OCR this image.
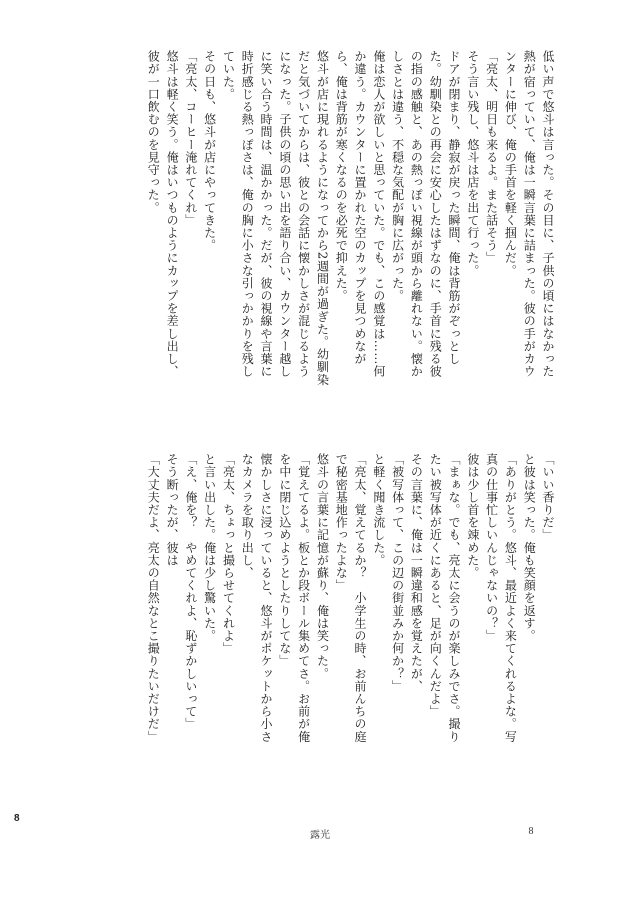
低い声で悠斗は言った。その目に、子供の頃にはなかった熱が宿っていて、俺は一瞬言葉に詰まった。彼の手がカウンターに伸び、俺の手首を軽く掴んだ。

「亮太、明日も来るよ。また話そう」

そう言い残し、悠斗は店を出て行った。

ドアが閉まり、静寂が戻った瞬間、俺は背筋がぞっとした。幼馴染との再会に安心したはずなのに、手首に残る彼の指の感触と、あの熱っぽい視線が頭から離れない。懐かしさとは違う、不穏な気配が胸に広がった。

俺は恋人が欲しいと思っていた。でも、この感覚は……何か違う。カウンターに置かれた空のカップを見つめながら、俺は背筋が寒くなるのを必死で抑えた。

悠斗が店に現れるようになってから2週間が過ぎた。幼馴染だと気づいてからは、彼との会話に懐かしさが混じるようになった。子供の頃の思い出を語り合い、カウンター越しに笑い合う時間は、温かかった。だが、彼の視線や言葉に時折感じる熱っぽさは、俺の胸に小さな引っかかりを残していた。

その日も、悠斗が店にやってきた。

「亮太、コーヒー淹れてくれ」

悠斗は軽く笑う。俺はいつものようにカップを差し出し、彼が一口飲むのを見守った。

「いい香りだ」

と彼は笑った。俺も笑顔を返す。

「ありがとう。悠斗、最近よく来てくれるよな。写真の仕事忙しいんじゃないの？」

彼は少し首を竦めた。

「まぁな。でも、亮太に会うのが楽しみでさ。撮りたい被写体が近くにあると、足が向くんだよ」

その言葉に、俺は一瞬違和感を覚えたが、

「被写体って、この辺の街並みか何か？」

と軽く聞き流した。

「亮太、覚えてるか？　小学生の時、お前んちの庭で秘密基地作ったよな」

悠斗の言葉に記憶が蘇り、俺は笑った。

「覚えてるよ。板とか段ボール集めてさ。お前が俺を中に閉じ込めようとしたりしてな」

懐かしさに浸っていると、悠斗がポケットから小さなカメラを取り出し、

「亮太、ちょっと撮らせてくれよ」

と言い出した。俺は少し驚いた。

「え、俺を？　やめてくれよ、恥ずかしいって」

そう断ったが、彼は

「大丈夫だよ、亮太の自然なとこ撮りたいだけだ」

8
露光	8
